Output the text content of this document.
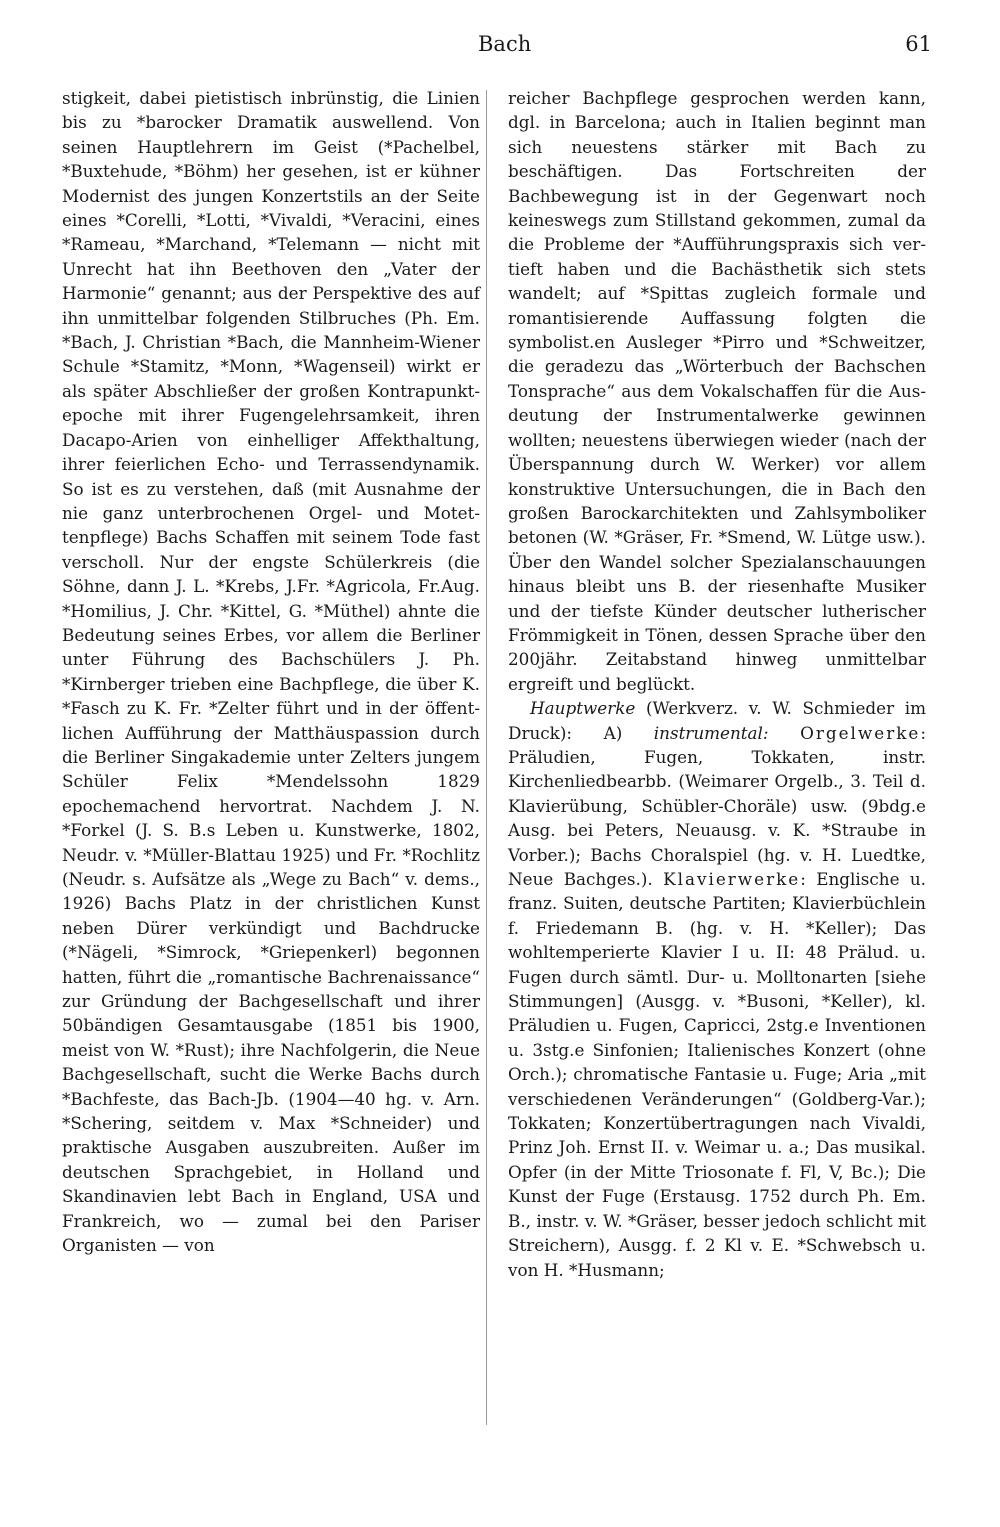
Bach	61

stigkeit, dabei pietistisch inbrünstig, die Linien bis zu *barocker Dramatik auswellend. Von seinen Hauptlehrern im Geist (*Pachelbel, *Buxtehude, *Böhm) her gesehen, ist er kühner Modernist des jungen Konzertstils an der Seite eines *Corelli, *Lotti, *Vivaldi, *Veracini, eines *Rameau, *Marchand, *Telemann — nicht mit Unrecht hat ihn Beethoven den „Vater der Harmonie“ genannt; aus der Perspektive des auf ihn unmittelbar folgenden Stilbruches (Ph. Em. *Bach, J. Christian *Bach, die Mannheim-Wiener Schule *Stamitz, *Monn, *Wagenseil) wirkt er als später Abschließer der großen Kontrapunktepoche mit ihrer Fugengelehrsamkeit, ihren Dacapo-Arien von einhelliger Affekthaltung, ihrer feierlichen Echo- und Terrassendynamik. So ist es zu verstehen, daß (mit Ausnahme der nie ganz unterbrochenen Orgel- und Motettenpflege) Bachs Schaffen mit seinem Tode fast verscholl. Nur der engste Schülerkreis (die Söhne, dann J. L. *Krebs, J.Fr. *Agricola, Fr.Aug. *Homilius, J. Chr. *Kittel, G. *Müthel) ahnte die Bedeutung seines Erbes, vor allem die Berliner unter Führung des Bachschülers J. Ph. *Kirnberger trieben eine Bachpflege, die über K. *Fasch zu K. Fr. *Zelter führt und in der öffentlichen Aufführung der Matthäuspassion durch die Berliner Singakademie unter Zelters jungem Schüler Felix *Mendelssohn 1829 epochemachend hervortrat. Nachdem J. N. *Forkel (J. S. B.s Leben u. Kunstwerke, 1802, Neudr. v. *Müller-Blattau 1925) und Fr. *Rochlitz (Neudr. s. Aufsätze als „Wege zu Bach“ v. dems., 1926) Bachs Platz in der christlichen Kunst neben Dürer verkündigt und Bachdrucke (*Nägeli, *Simrock, *Griepenkerl) begonnen hatten, führt die „romantische Bachrenaissance“ zur Gründung der Bachgesellschaft und ihrer 50bändigen Gesamtausgabe (1851 bis 1900, meist von W. *Rust); ihre Nachfolgerin, die Neue Bachgesellschaft, sucht die Werke Bachs durch *Bachfeste, das Bach-Jb. (1904—40 hg. v. Arn. *Schering, seitdem v. Max *Schneider) und praktische Ausgaben auszubreiten. Außer im deutschen Sprachgebiet, in Holland und Skandinavien lebt Bach in England, USA und Frankreich, wo — zumal bei den Pariser Organisten — von

reicher Bachpflege gesprochen werden kann, dgl. in Barcelona; auch in Italien beginnt man sich neuestens stärker mit Bach zu beschäftigen. Das Fortschreiten der Bachbewegung ist in der Gegenwart noch keineswegs zum Stillstand gekommen, zumal da die Probleme der *Aufführungspraxis sich vertieft haben und die Bachästhetik sich stets wandelt; auf *Spittas zugleich formale und romantisierende Auffassung folgten die symbolist.en Ausleger *Pirro und *Schweitzer, die geradezu das „Wörterbuch der Bachschen Tonsprache“ aus dem Vokalschaffen für die Ausdeutung der Instrumentalwerke gewinnen wollten; neuestens überwiegen wieder (nach der Überspannung durch W. Werker) vor allem konstruktive Untersuchungen, die in Bach den großen Barockarchitekten und Zahlsymboliker betonen (W. *Gräser, Fr. *Smend, W. Lütge usw.). Über den Wandel solcher Spezialanschauungen hinaus bleibt uns B. der riesenhafte Musiker und der tiefste Künder deutscher lutherischer Frömmigkeit in Tönen, dessen Sprache über den 200jähr. Zeitabstand hinweg unmittelbar ergreift und beglückt.

Hauptwerke (Werkverz. v. W. Schmieder im Druck): A) instrumental: Orgelwerke: Präludien, Fugen, Tokkaten, instr. Kirchenliedbearbb. (Weimarer Orgelb., 3. Teil d. Klavierübung, Schübler-Choräle) usw. (9bdg.e Ausg. bei Peters, Neuausg. v. K. *Straube in Vorber.); Bachs Choralspiel (hg. v. H. Luedtke, Neue Bachges.). Klavierwerke: Englische u. franz. Suiten, deutsche Partiten; Klavierbüchlein f. Friedemann B. (hg. v. H. *Keller); Das wohltemperierte Klavier I u. II: 48 Prälud. u. Fugen durch sämtl. Dur- u. Molltonarten [siehe Stimmungen] (Ausgg. v. *Busoni, *Keller), kl. Präludien u. Fugen, Capricci, 2stg.e Inventionen u. 3stg.e Sinfonien; Italienisches Konzert (ohne Orch.); chromatische Fantasie u. Fuge; Aria „mit verschiedenen Veränderungen“ (Goldberg-Var.); Tokkaten; Konzertübertragungen nach Vivaldi, Prinz Joh. Ernst II. v. Weimar u. a.; Das musikal. Opfer (in der Mitte Triosonate f. Fl, V, Bc.); Die Kunst der Fuge (Erstausg. 1752 durch Ph. Em. B., instr. v. W. *Gräser, besser jedoch schlicht mit Streichern), Ausgg. f. 2 Kl v. E. *Schwebsch u. von H. *Husmann;
